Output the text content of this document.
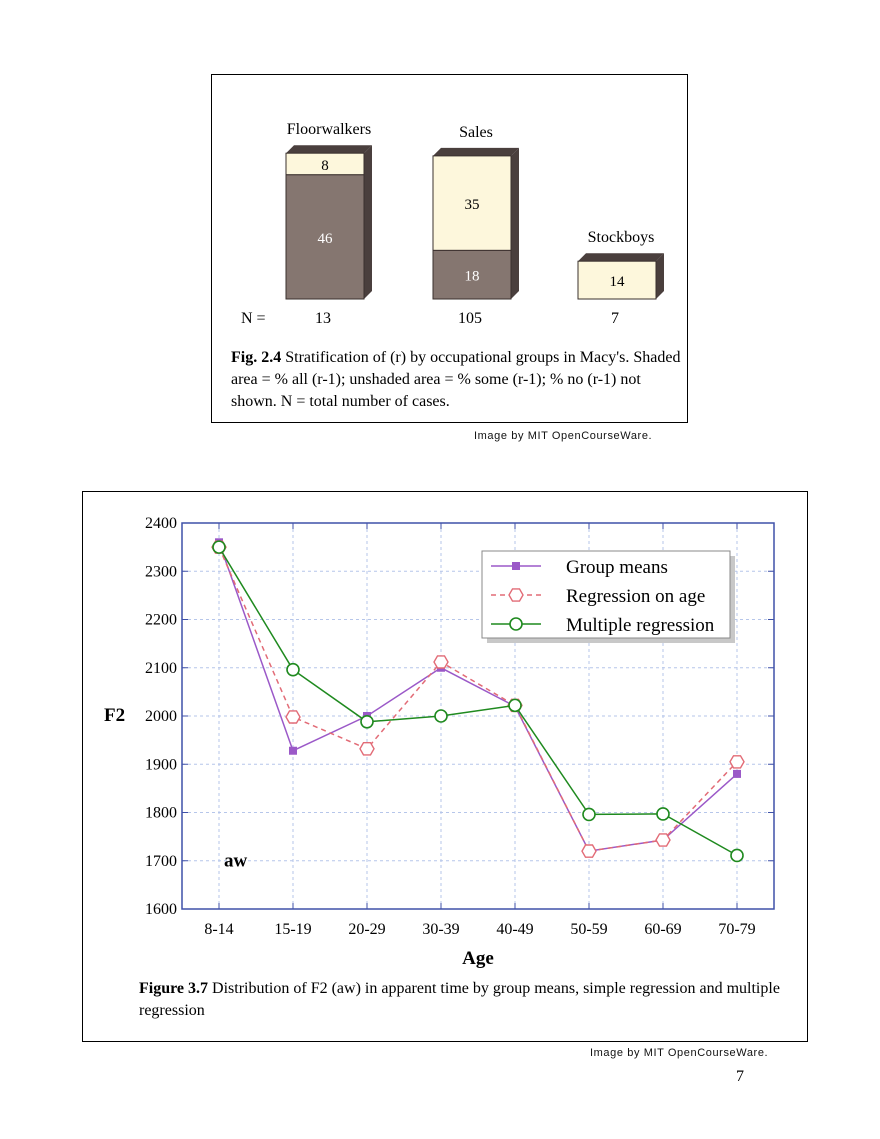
8
46
Floorwalkers
13
35
18
Sales
105
14
Stockboys
7
N =
Fig. 2.4 Stratification of (r) by occupational groups in Macy's. Shaded area = % all (r-1); unshaded area = % some (r-1); % no (r-1) not shown. N = total number of cases.
Image by MIT OpenCourseWare.
1600
1700
1800
1900
2000
2100
2200
2300
2400
8-14	15-19 20-29 30-39 40-49 50-59 60-69 70-79
Age
F2
aw
Group means
Regression on age
Multiple regression
Figure 3.7 Distribution of F2 (aw) in apparent time by group means, simple regression and multiple regression
Image by MIT OpenCourseWare.
7
